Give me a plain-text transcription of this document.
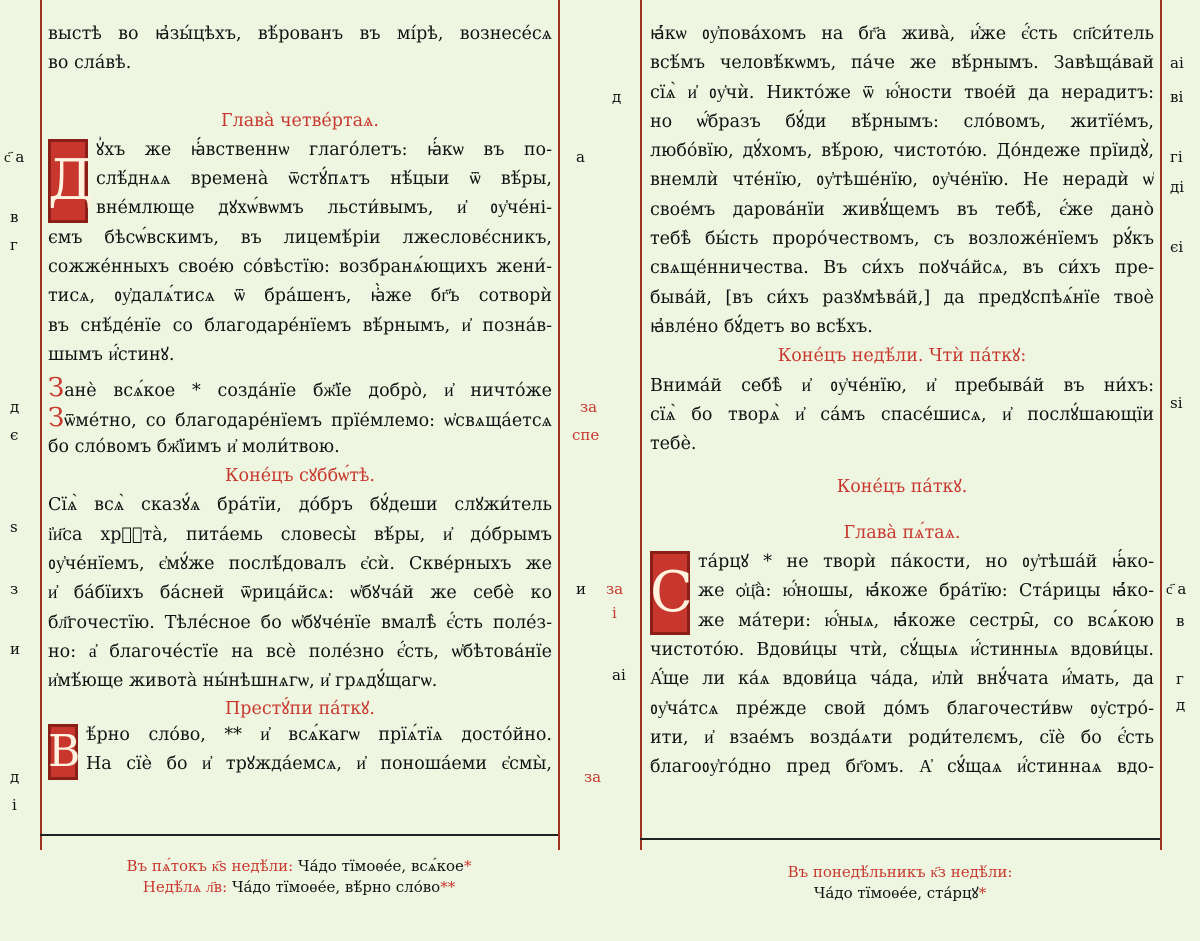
выстѣ во ꙗ҆зы́цѣхъ, вѣ́рованъ въ мі́рѣ, вознесе́сѧ
во сла́вѣ.
Глава̀ четве́ртаѧ.
Д ꙋ҆́хъ же ꙗ҆́вственнѡ глаго́летъ: ꙗ҆́кѡ въ по-
слѣ́днѧѧ времена̀ ѿстꙋ́пѧтъ нѣ́цыи ѿ вѣ́ры,
вне́млюще дꙋхѡ́вѡмъ льсти́вымъ, и҆ ᲂу҆че́ні-
ємъ бѣсѡ́вскимъ, въ лицемѣ́ріи лжесловє́сникъ,
сожже́нныхъ свое́ю со́вѣстїю: возбранѧ́ющихъ жени́-
тисѧ, ᲂу҆далѧ́тисѧ ѿ бра́шенъ, ꙗ҆̀же бг҃ъ сотворѝ
въ снѣ́де́нїе со благодаре́нїемъ вѣ́рнымъ, и҆ позна́в-
шымъ и҆́стинꙋ.
Занѐ всѧ́кое * созда́нїе бж҃їе добро̀, и҆ ничто́же
Зѿме́тно, со благодаре́нїемъ прїе́млемо: ѡ҆свѧща́етсѧ
бо сло́вомъ бж҃їимъ и҆ моли́твою.
Коне́цъ сꙋббѡ́тѣ.
Сїѧ̀ всѧ̀ сказꙋ́ѧ бра́тїи, до́бръ бꙋ́деши слꙋжи́тель
і҆и҃са хрⷭ҇та̀, пита́емь словесы̀ вѣ́ры, и҆ до́брымъ
ᲂу҆че́нїемъ, є҆мꙋ́же послѣ́довалъ є҆сѝ. Скве́рныхъ же
и҆ ба́бїихъ ба́сней ѿрица́йсѧ: ѡ҆бꙋча́й же себѐ ко
бл҃гочестїю. Тѣле́сное бо ѡ҆бꙋче́нїе вмалѣ̀ є҆́сть поле́з-
но: а҆ благоче́стїе на всѐ поле́зно є҆́сть, ѡ҆бѣтова́нїе
и҆мѣ́юще живота̀ ны́нѣшнѧгѡ, и҆ грѧдꙋ́щагѡ.
Престꙋ́пи па́ткꙋ.
В ѣ́рно сло́во, ** и҆ всѧ́кагѡ прїѧ́тїѧ досто́йно.
На сїѐ бо и҆ трꙋжда́емсѧ, и҆ поноша́еми є҆смы̀,
Въ пѧ́токъ к҃ѕ недѣ́ли: Ча́до тїмоѳе́е, всѧ́кое*
Недѣ́лѧ л҃в: Ча́до тїмоѳе́е, вѣ́рно сло́во**
ꙗ҆́кѡ ᲂу҆пова́хомъ на бг҃а жива̀, и҆́же є҆́сть сп҃си́тель
всѣ́мъ человѣ́кѡмъ, па́че же вѣ́рнымъ. Завѣща́вай
сїѧ̀ и҆ ᲂу҆чѝ. Никто́же ѿ ю҆́ности твое́й да нерадитъ:
но ѡ҆́бразъ бꙋ́ди вѣ́рнымъ: сло́вомъ, житїе́мъ,
любо́вїю, дꙋ́хомъ, вѣ́рою, чистото́ю. До́ндеже прїидꙋ̀,
внемлѝ чте́нїю, ᲂу҆тѣше́нїю, ᲂу҆че́нїю. Не нерадѝ ѡ҆
свое́мъ дарова́нїи живꙋ́щемъ въ тебѣ̀, є҆́же дано̀
тебѣ̀ бы́сть проро́чествомъ, съ возложе́нїемъ рꙋ́къ
свѧще́нничества. Въ си́хъ поꙋча́йсѧ, въ си́хъ пре-
быва́й, [въ си́хъ разꙋмѣва́й,] да предꙋспѣѧ́нїе твоѐ
ꙗ҆вле́но бꙋ́детъ во всѣ́хъ.
Коне́цъ недѣ́ли. Чтѝ па́ткꙋ:
Внима́й себѣ̀ и҆ ᲂу҆че́нїю, и҆ пребыва́й въ ни́хъ:
сїѧ̀ бо творѧ̀ и҆ са́мъ спасе́шисѧ, и҆ послꙋ́шающїи
тебѐ.
Коне́цъ па́ткꙋ.
Глава̀ пѧ́таѧ.
С та́рцꙋ * не творѝ па́кости, но ᲂу҆тѣша́й ꙗ҆́ко-
же ѻ҆ц҃а̀: ю҆́ношы, ꙗ҆́коже бра́тїю: Ста́рицы ꙗ҆́ко-
же ма́тери: ю҆́ныѧ, ꙗ҆́коже сестры̑, со всѧ́кою
чистото́ю. Вдови́цы чтѝ, сꙋ́щыѧ и҆́стинныѧ вдови́цы.
А҆́ще ли ка́ѧ вдови́ца ча́да, и҆лѝ внꙋ́чата и҆́мать, да
ᲂу҆ча́тсѧ пре́жде свой до́мъ благочести́вѡ ᲂу҆стро́-
ити, и҆ взае́мъ возда́ѧти роди́телємъ, сїѐ бо є҆́сть
благоᲂу҆го́дно пред бг҃омъ. А҆ сꙋ́щаѧ и҆́стиннаѧ вдо-
Въ понедѣ́льникъ к҃з недѣ́ли:
Ча́до тїмоѳе́е, ста́рцꙋ*
с҃ а
в
г
д
є
ѕ
з
и
д
і
д
а
и
аі
за
спе
за
і
за
аі
ві
гі
ді
єі
ѕі
с҃ а
в
г
д
